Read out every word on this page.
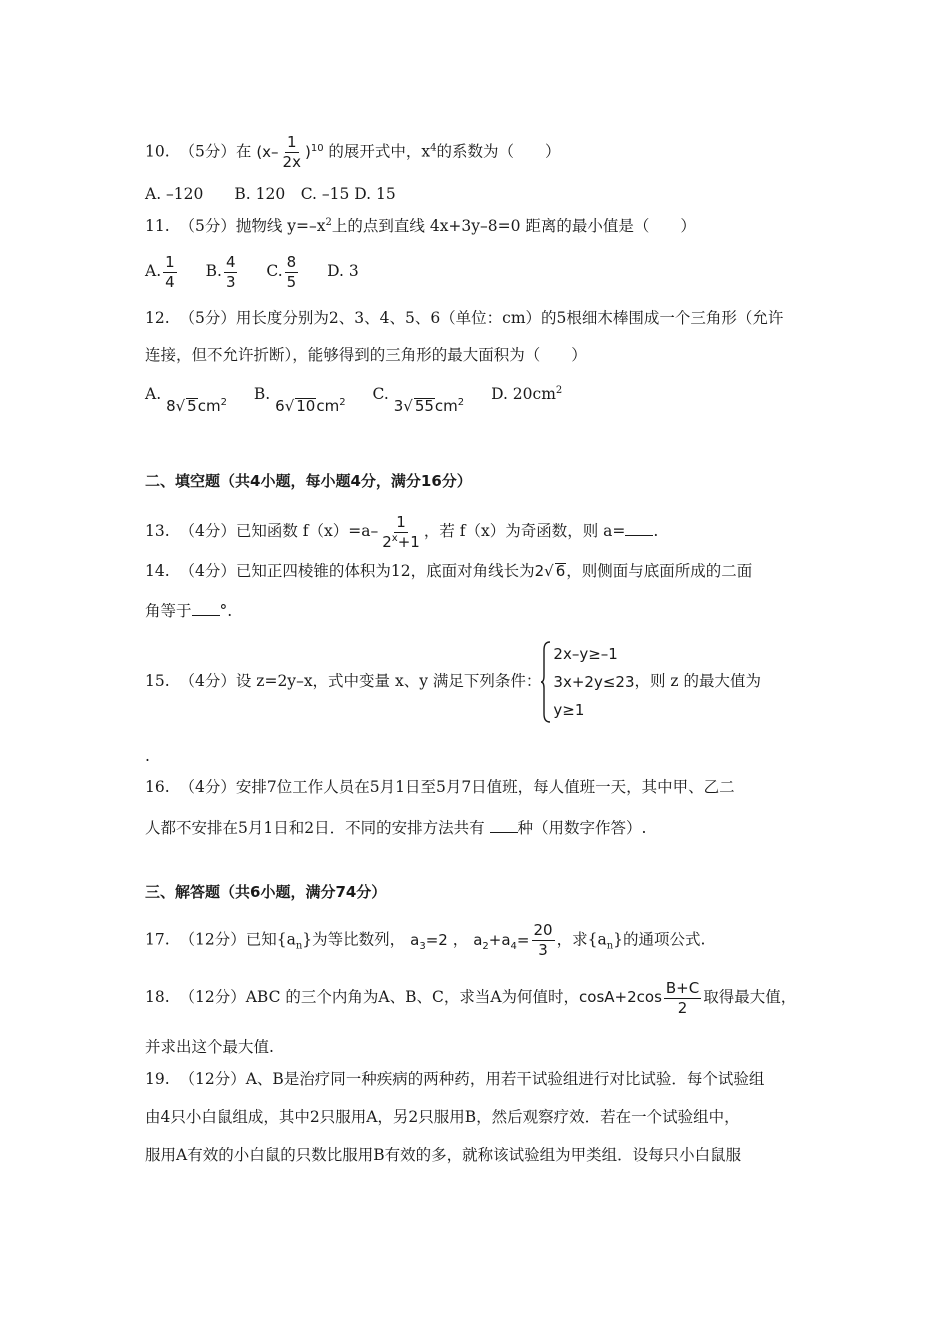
10.  （5分）在 $(x- \frac{1}{2x} )^{10}$ 的展开式中，$x^4$的系数为（　　）
A. –120　　B. 120　C. –15 D. 15
11.  （5分）抛物线 $y=-x^2$上的点到直线 4x+3y–8=0 距离的最小值是（　　）
A. $\frac{1}{4} B$. $\frac{4}{3} C$. $\frac{8}{5} D$. 3
12.  （5分）用长度分别为2、3、4、5、6（单位：cm）的5根细木棒围成一个三角形（允许
连接，但不允许折断），能够得到的三角形的最大面积为（　　）
A. 8√ $5cm^2$ B. 6√ $10cm^2$ C. 3√ $55cm^2$ D. $20cm^2$
二、填空题（共4小题，每小题4分，满分16分）
13.  （4分）已知函数 $f(x)=a- \frac{1}{2^x+1}$ ，若 f（x）为奇函数，则 a= .
14.  （4分）已知正四棱锥的体积为12，底面对角线长为2√ 6，则侧面与底面所成的二面
角等于 °.
15.  （4分）设 z=2y–x，式中变量 x、y 满足下列条件：
2x–y≥–1
3x+2y≤23
y≥1
，则 z 的最大值为
.
16.  （4分）安排7位工作人员在5月1日至5月7日值班，每人值班一天，其中甲、乙二
人都不安排在5月1日和2日．不同的安排方法共有 种（用数字作答）.
三、解答题（共6小题，满分74分）
17.  （12分）已知$\{a_n\}$为等比数列， $a_3=2$ ， $a_2+a_4= \frac{20}{3}$ ，求$\{a_n\}$的通项公式.
18.  （12分）ABC 的三个内角为A、B、C，求当A为何值时，$\cos A+2\cos \frac{B+C}{2}$ 取得最大值，
并求出这个最大值.
19.  （12分）A、B是治疗同一种疾病的两种药，用若干试验组进行对比试验．每个试验组
由4只小白鼠组成，其中2只服用A，另2只服用B，然后观察疗效．若在一个试验组中，
服用A有效的小白鼠的只数比服用B有效的多，就称该试验组为甲类组．设每只小白鼠服
